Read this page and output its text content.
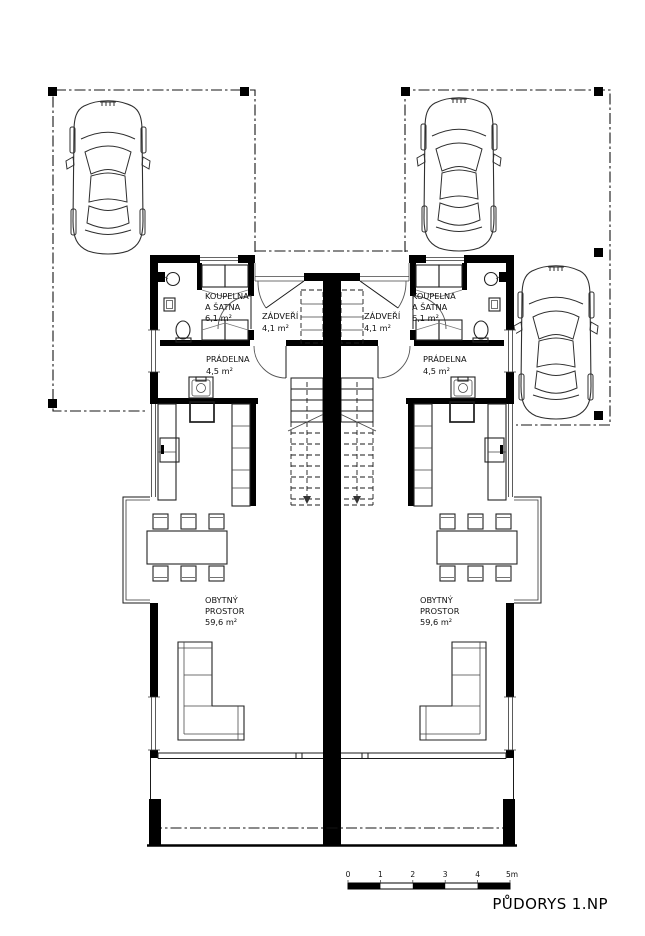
KOUPELNA
A ŠATNA
6,1 m²	ZÁDVEŘÍ
4,1 m²
PRÁDELNA
4,5 m²
OBYTNÝ
PROSTOR
59,6 m²
KOUPELNA
A ŠATNA
6,1 m²
ZÁDVEŘÍ
4,1 m²
PRÁDELNA
4,5 m²
OBYTNÝ
PROSTOR
59,6 m²
0	1	2	3	4	5m
PŮDORYS 1.NP
